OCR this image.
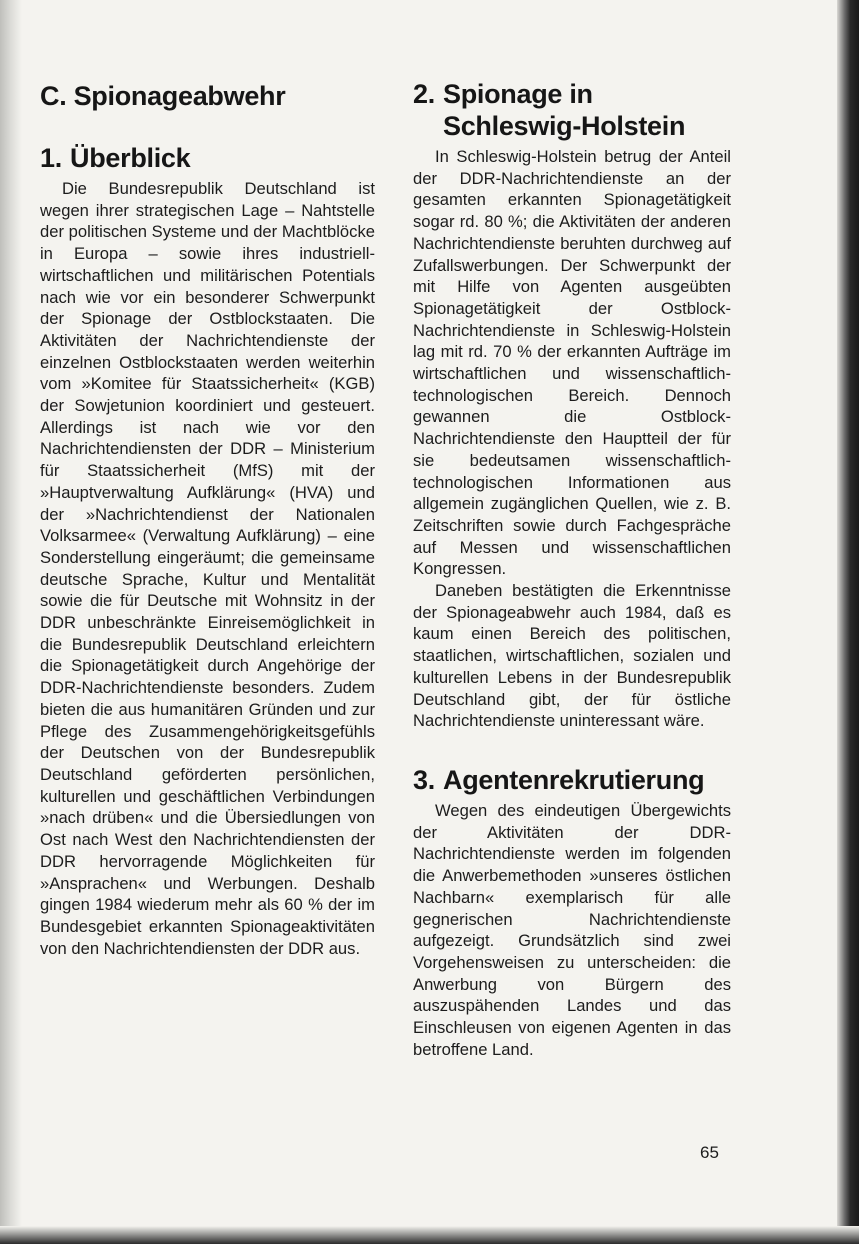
C. Spionageabwehr
1. Überblick

Die Bundesrepublik Deutschland ist wegen ihrer strategischen Lage – Nahtstelle der politischen Systeme und der Machtblöcke in Europa – sowie ihres industriell-wirtschaftlichen und militärischen Potentials nach wie vor ein besonderer Schwerpunkt der Spionage der Ostblockstaaten. Die Aktivitäten der Nachrichtendienste der einzelnen Ostblockstaaten werden weiterhin vom »Komitee für Staatssicherheit« (KGB) der Sowjetunion koordiniert und gesteuert. Allerdings ist nach wie vor den Nachrichtendiensten der DDR – Ministerium für Staatssicherheit (MfS) mit der »Hauptverwaltung Aufklärung« (HVA) und der »Nachrichtendienst der Nationalen Volksarmee« (Verwaltung Aufklärung) – eine Sonderstellung eingeräumt; die gemeinsame deutsche Sprache, Kultur und Mentalität sowie die für Deutsche mit Wohnsitz in der DDR unbeschränkte Einreisemöglichkeit in die Bundesrepublik Deutschland erleichtern die Spionagetätigkeit durch Angehörige der DDR-Nachrichtendienste besonders. Zudem bieten die aus humanitären Gründen und zur Pflege des Zusammengehörigkeitsgefühls der Deutschen von der Bundesrepublik Deutschland geförderten persönlichen, kulturellen und geschäftlichen Verbindungen »nach drüben« und die Übersiedlungen von Ost nach West den Nachrichtendiensten der DDR hervorragende Möglichkeiten für »Ansprachen« und Werbungen. Deshalb gingen 1984 wiederum mehr als 60 % der im Bundesgebiet erkannten Spionageaktivitäten von den Nachrichtendiensten der DDR aus.

2. Spionage in
Schleswig-Holstein

In Schleswig-Holstein betrug der Anteil der DDR-Nachrichtendienste an der gesamten erkannten Spionagetätigkeit sogar rd. 80 %; die Aktivitäten der anderen Nachrichtendienste beruhten durchweg auf Zufallswerbungen. Der Schwerpunkt der mit Hilfe von Agenten ausgeübten Spionagetätigkeit der Ostblock-Nachrichtendienste in Schleswig-Holstein lag mit rd. 70 % der erkannten Aufträge im wirtschaftlichen und wissenschaftlich-technologischen Bereich. Dennoch gewannen die Ostblock-Nachrichtendienste den Hauptteil der für sie bedeutsamen wissenschaftlich-technologischen Informationen aus allgemein zugänglichen Quellen, wie z. B. Zeitschriften sowie durch Fachgespräche auf Messen und wissenschaftlichen Kongressen.

Daneben bestätigten die Erkenntnisse der Spionageabwehr auch 1984, daß es kaum einen Bereich des politischen, staatlichen, wirtschaftlichen, sozialen und kulturellen Lebens in der Bundesrepublik Deutschland gibt, der für östliche Nachrichtendienste uninteressant wäre.

3. Agentenrekrutierung

Wegen des eindeutigen Übergewichts der Aktivitäten der DDR-Nachrichtendienste werden im folgenden die Anwerbemethoden »unseres östlichen Nachbarn« exemplarisch für alle gegnerischen Nachrichtendienste aufgezeigt. Grundsätzlich sind zwei Vorgehensweisen zu unterscheiden: die Anwerbung von Bürgern des auszuspähenden Landes und das Einschleusen von eigenen Agenten in das betroffene Land.

65
